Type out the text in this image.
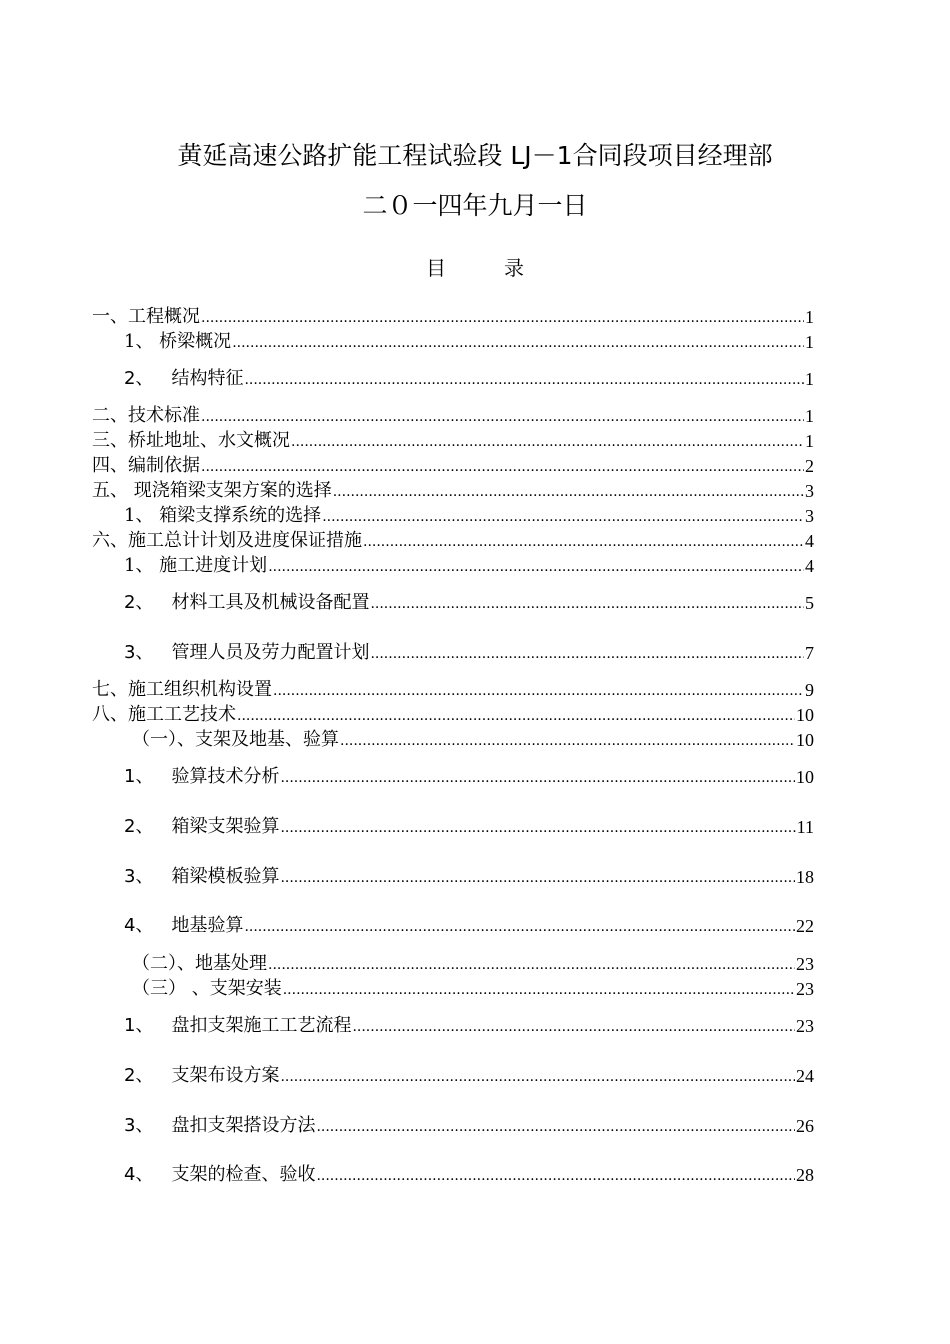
黄延高速公路扩能工程试验段 LJ－1合同段项目经理部
二０一四年九月一日
目	录
一、工程概况 .....	1
1、 桥梁概况 .....	1
2、 结构特征 .....	1
二、技术标准 .....	1
三、桥址地址、水文概况 .....	1
四、编制依据 .....	2
五、 现浇箱梁支架方案的选择 .....	3
1、 箱梁支撑系统的选择 .....	3
六、施工总计计划及进度保证措施 .....	4
1、 施工进度计划 .....	4
2、 材料工具及机械设备配置 .....	5
3、 管理人员及劳力配置计划 .....	7
七、施工组织机构设置 .....	9
八、施工工艺技术 .....	10
（一）、支架及地基、验算 .....	10
1、 验算技术分析 .....	10
2、 箱梁支架验算 .....	11
3、 箱梁模板验算 .....	18
4、 地基验算 .....	22
（二）、地基处理 .....	23
（三） 、支架安装 .....	23
1、 盘扣支架施工工艺流程 .....	23
2、 支架布设方案 .....	24
3、 盘扣支架搭设方法 .....	26
4、 支架的检查、验收 .....	28
